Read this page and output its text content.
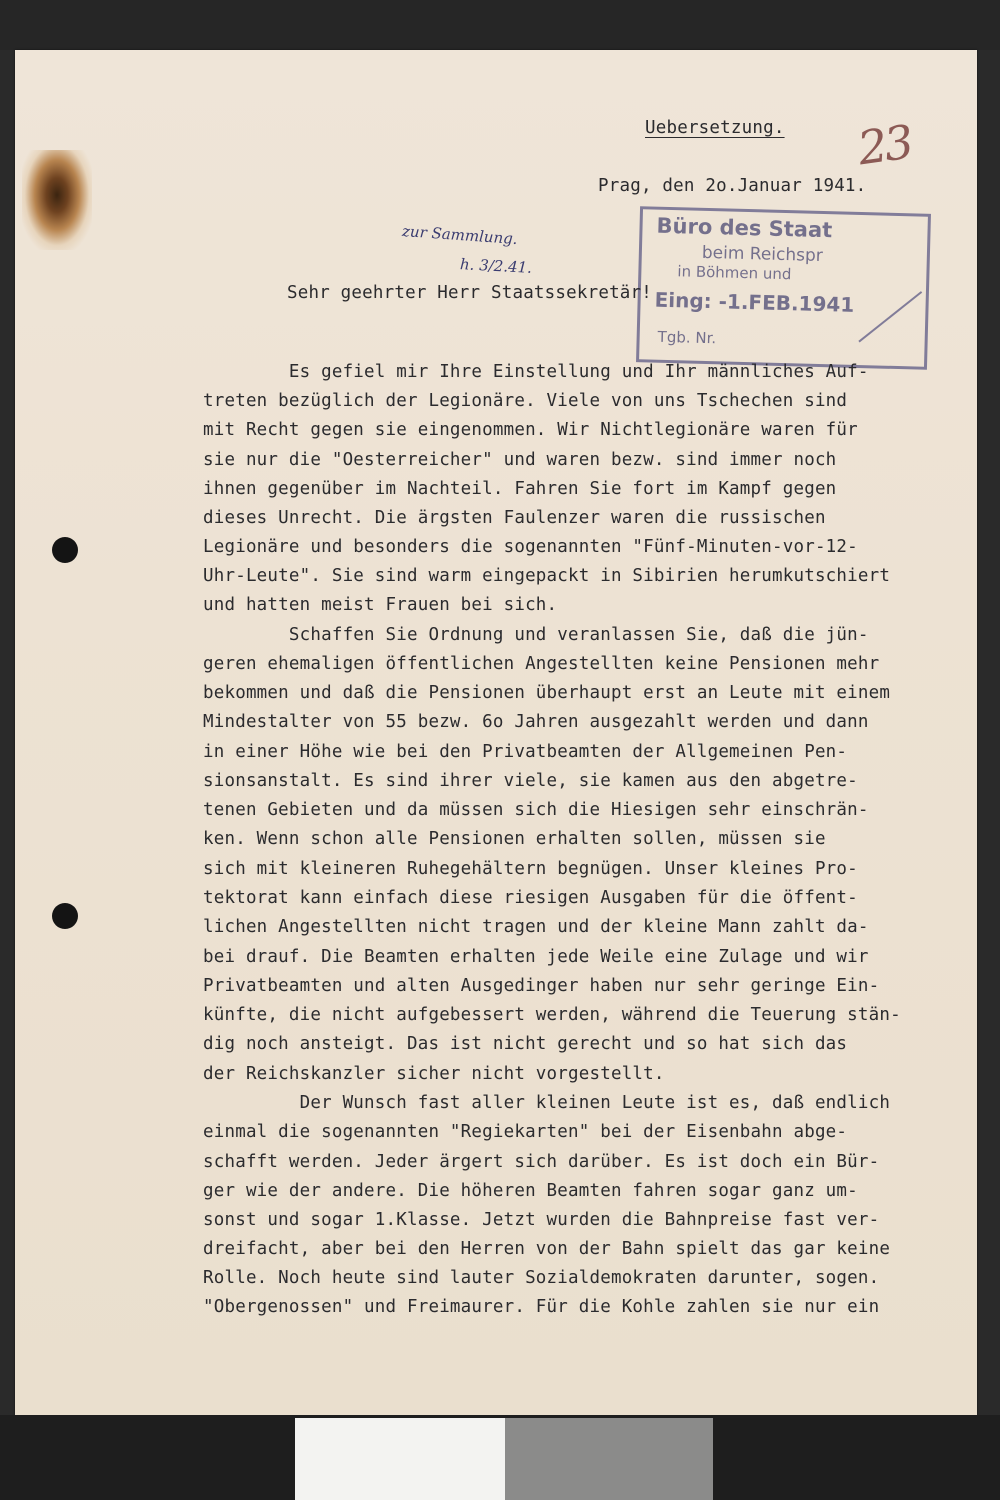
Uebersetzung. 23
Prag, den 2o.Januar 1941.
zur Sammlung.
h. 3/2.41.
Büro des Staat
beim Reichspr
in Böhmen und
Eing: -1.FEB.1941
Tgb. Nr.
Sehr geehrter Herr Staatssekretär!
Es gefiel mir Ihre Einstellung und Ihr männliches Auf-
treten bezüglich der Legionäre. Viele von uns Tschechen sind
mit Recht gegen sie eingenommen. Wir Nichtlegionäre waren für
sie nur die "Oesterreicher" und waren bezw. sind immer noch
ihnen gegenüber im Nachteil. Fahren Sie fort im Kampf gegen
dieses Unrecht. Die ärgsten Faulenzer waren die russischen
Legionäre und besonders die sogenannten "Fünf-Minuten-vor-12-
Uhr-Leute". Sie sind warm eingepackt in Sibirien herumkutschiert
und hatten meist Frauen bei sich.
Schaffen Sie Ordnung und veranlassen Sie, daß die jün-
geren ehemaligen öffentlichen Angestellten keine Pensionen mehr
bekommen und daß die Pensionen überhaupt erst an Leute mit einem
Mindestalter von 55 bezw. 6o Jahren ausgezahlt werden und dann
in einer Höhe wie bei den Privatbeamten der Allgemeinen Pen-
sionsanstalt. Es sind ihrer viele, sie kamen aus den abgetre-
tenen Gebieten und da müssen sich die Hiesigen sehr einschrän-
ken. Wenn schon alle Pensionen erhalten sollen, müssen sie
sich mit kleineren Ruhegehältern begnügen. Unser kleines Pro-
tektorat kann einfach diese riesigen Ausgaben für die öffent-
lichen Angestellten nicht tragen und der kleine Mann zahlt da-
bei drauf. Die Beamten erhalten jede Weile eine Zulage und wir
Privatbeamten und alten Ausgedinger haben nur sehr geringe Ein-
künfte, die nicht aufgebessert werden, während die Teuerung stän-
dig noch ansteigt. Das ist nicht gerecht und so hat sich das
der Reichskanzler sicher nicht vorgestellt.
Der Wunsch fast aller kleinen Leute ist es, daß endlich
einmal die sogenannten "Regiekarten" bei der Eisenbahn abge-
schafft werden. Jeder ärgert sich darüber. Es ist doch ein Bür-
ger wie der andere. Die höheren Beamten fahren sogar ganz um-
sonst und sogar 1.Klasse. Jetzt wurden die Bahnpreise fast ver-
dreifacht, aber bei den Herren von der Bahn spielt das gar keine
Rolle. Noch heute sind lauter Sozialdemokraten darunter, sogen.
"Obergenossen" und Freimaurer. Für die Kohle zahlen sie nur ein
